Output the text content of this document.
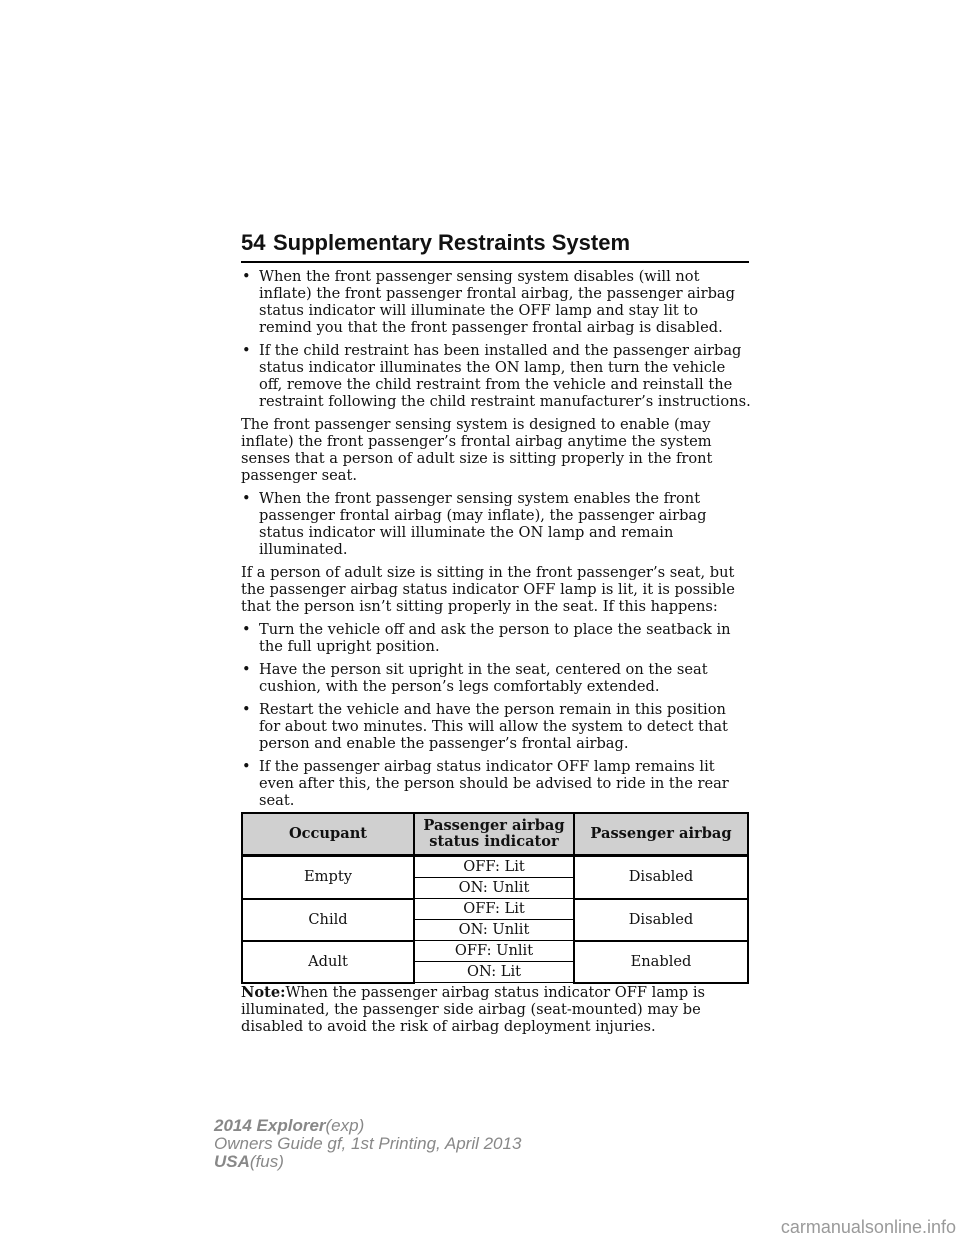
54 Supplementary Restraints System
• When the front passenger sensing system disables (will not inflate) the front passenger frontal airbag, the passenger airbag status indicator will illuminate the OFF lamp and stay lit to remind you that the front passenger frontal airbag is disabled.
• If the child restraint has been installed and the passenger airbag status indicator illuminates the ON lamp, then turn the vehicle off, remove the child restraint from the vehicle and reinstall the restraint following the child restraint manufacturer’s instructions.

The front passenger sensing system is designed to enable (may inflate) the front passenger’s frontal airbag anytime the system senses that a person of adult size is sitting properly in the front passenger seat.

• When the front passenger sensing system enables the front passenger frontal airbag (may inflate), the passenger airbag status indicator will illuminate the ON lamp and remain illuminated.

If a person of adult size is sitting in the front passenger’s seat, but the passenger airbag status indicator OFF lamp is lit, it is possible that the person isn’t sitting properly in the seat. If this happens:

• Turn the vehicle off and ask the person to place the seatback in the full upright position.
• Have the person sit upright in the seat, centered on the seat cushion, with the person’s legs comfortably extended.
• Restart the vehicle and have the person remain in this position for about two minutes. This will allow the system to detect that person and enable the passenger’s frontal airbag.
• If the passenger airbag status indicator OFF lamp remains lit even after this, the person should be advised to ride in the rear seat.
Occupant	Passenger airbag status indicator	Passenger airbag
Empty	OFF: Lit	Disabled
	ON: Unlit	
Child	OFF: Lit	Disabled
	ON: Unlit	
Adult	OFF: Unlit	Enabled
	ON: Lit	

Note:When the passenger airbag status indicator OFF lamp is illuminated, the passenger side airbag (seat-mounted) may be disabled to avoid the risk of airbag deployment injuries.

2014 Explorer(exp)
Owners Guide gf, 1st Printing, April 2013
USA(fus)
carmanualsonline.info
